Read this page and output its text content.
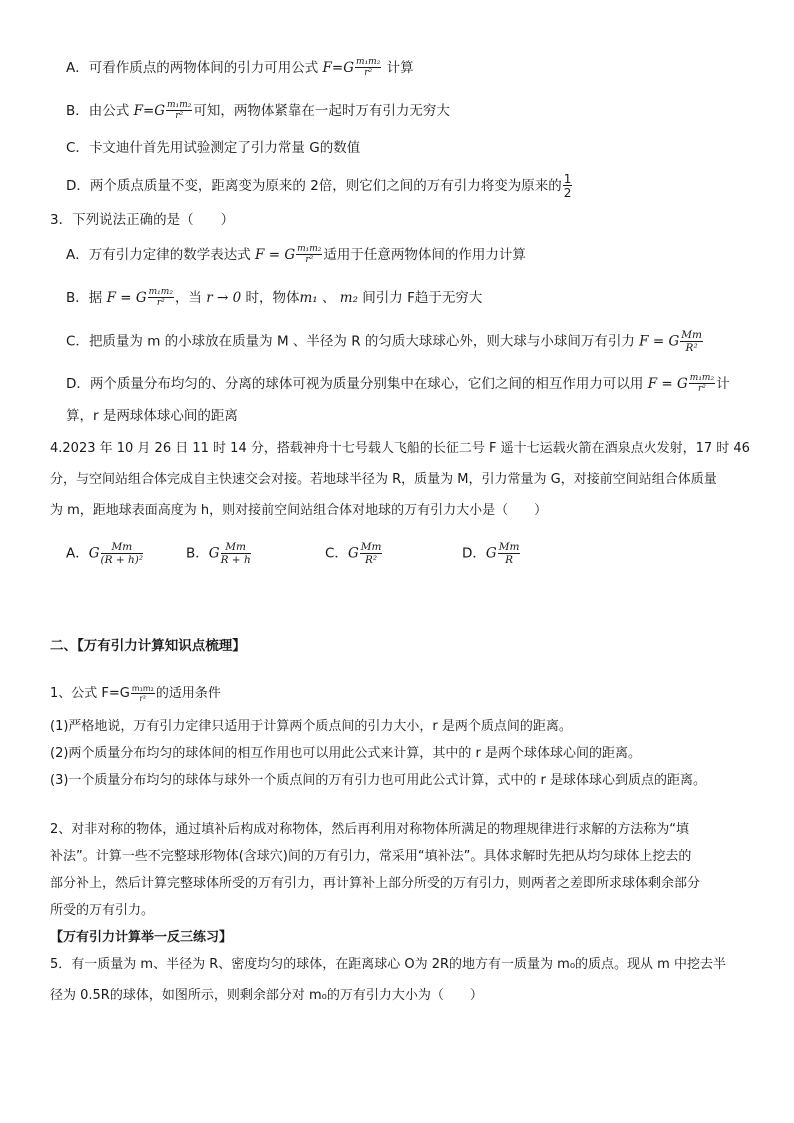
A．可看作质点的两物体间的引力可用公式 $F=G \frac{\text{m₁m₂}}{\text{r²}}$ 计算
B．由公式 $F=G \frac{\text{m₁m₂}}{\text{r²}}$ 可知，两物体紧靠在一起时万有引力无穷大
C．卡文迪什首先用试验测定了引力常量 G的数值
D．两个质点质量不变，距离变为原来的 2倍，则它们之间的万有引力将变为原来的 $\frac{1}{2}$
3．下列说法正确的是（　　）
A．万有引力定律的数学表达式 F = G $\frac{\text{m₁m₂}}{\text{r²}}$ 适用于任意两物体间的作用力计算
B．据 F = G $\frac{\text{m₁m₂}}{\text{r²}}$ ，当 r → 0 时，物体m₁ 、 m₂ 间引力 F趋于无穷大
C．把质量为 m 的小球放在质量为 M 、半径为 R 的匀质大球球心外，则大球与小球间万有引力 F = G $\frac{Mm}{\text{R²}}$
D．两个质量分布均匀的、分离的球体可视为质量分别集中在球心，它们之间的相互作用力可以用 F = G $\frac{\text{m₁m₂}}{\text{r²}}$ 计
算，r 是两球体球心间的距离
4.2023 年 10 月 26 日 11 时 14 分，搭载神舟十七号载人飞船的长征二号 F 遥十七运载火箭在酒泉点火发射，17 时 46
分，与空间站组合体完成自主快速交会对接。若地球半径为 R，质量为 M，引力常量为 G，对接前空间站组合体质量
为 m，距地球表面高度为 h，则对接前空间站组合体对地球的万有引力大小是（　　）
A．G $\frac{Mm}{\text{(R + h)²}}$	B．G $\frac{Mm}{R + h}$	C．G $\frac{Mm}{\text{R²}}$	D．G $\frac{Mm}{R}$
二、【万有引力计算知识点梳理】
1、公式 $F=G \frac{\text{m₁m₂}}{\text{r²}}$ 的适用条件
(1)严格地说，万有引力定律只适用于计算两个质点间的引力大小，r 是两个质点间的距离。
(2)两个质量分布均匀的球体间的相互作用也可以用此公式来计算，其中的 r 是两个球体球心间的距离。
(3)一个质量分布均匀的球体与球外一个质点间的万有引力也可用此公式计算，式中的 r 是球体球心到质点的距离。
2、对非对称的物体，通过填补后构成对称物体，然后再利用对称物体所满足的物理规律进行求解的方法称为“填
补法”。计算一些不完整球形物体(含球穴)间的万有引力，常采用“填补法”。具体求解时先把从均匀球体上挖去的
部分补上，然后计算完整球体所受的万有引力，再计算补上部分所受的万有引力，则两者之差即所求球体剩余部分
所受的万有引力。
【万有引力计算举一反三练习】
5．有一质量为 m、半径为 R、密度均匀的球体，在距离球心 O为 2R的地方有一质量为 m₀的质点。现从 m 中挖去半
径为 0.5R的球体，如图所示，则剩余部分对 m₀的万有引力大小为（　　）
